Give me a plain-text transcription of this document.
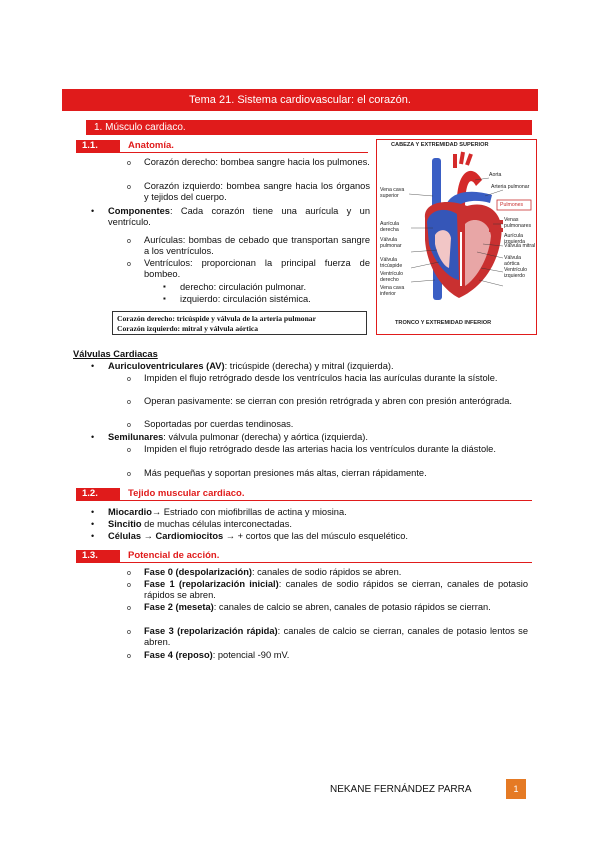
Tema 21. Sistema cardiovascular: el corazón.
1. Músculo cardiaco.
1.1.	Anatomía.
o Corazón derecho: bombea sangre hacia los pulmones.
o Corazón izquierdo: bombea sangre hacia los órganos y tejidos del cuerpo.
• Componentes: Cada corazón tiene una aurícula y un ventrículo.
o Aurículas: bombas de cebado que transportan sangre a los ventrículos.
o Ventrículos: proporcionan la principal fuerza de bombeo.
▪ derecho: circulación pulmonar.
▪ izquierdo: circulación sistémica.
Corazón derecho: tricúspide y válvula de la arteria pulmonar
Corazón izquierdo: mitral y válvula aórtica
CABEZA Y EXTREMIDAD SUPERIOR
Aorta
Arteria pulmonar
Pulmones
Vena cava superior
Aurícula derecha
Válvula pulmonar
Válvula tricúspide
Ventrículo derecho
Vena cava inferior
Venas pulmonares
Aurícula izquierda
Válvula mitral
Válvula aórtica
Ventrículo izquierdo
TRONCO Y EXTREMIDAD INFERIOR
Válvulas Cardiacas
• Auriculoventriculares (AV): tricúspide (derecha) y mitral (izquierda).
o Impiden el flujo retrógrado desde los ventrículos hacia las aurículas durante la sístole.
o Operan pasivamente: se cierran con presión retrógrada y abren con presión anterógrada.
o Soportadas por cuerdas tendinosas.
• Semilunares: válvula pulmonar (derecha) y aórtica (izquierda).
o Impiden el flujo retrógrado desde las arterias hacia los ventrículos durante la diástole.
o Más pequeñas y soportan presiones más altas, cierran rápidamente.
1.2.	Tejido muscular cardiaco.
• Miocardio→ Estriado con miofibrillas de actina y miosina.
• Sincitio de muchas células interconectadas.
• Células → Cardiomiocitos → + cortos que las del músculo esquelético.
1.3.	Potencial de acción.
o Fase 0 (despolarización): canales de sodio rápidos se abren.
o Fase 1 (repolarización inicial): canales de sodio rápidos se cierran, canales de potasio rápidos se abren.
o Fase 2 (meseta): canales de calcio se abren, canales de potasio rápidos se cierran.
o Fase 3 (repolarización rápida): canales de calcio se cierran, canales de potasio lentos se abren.
o Fase 4 (reposo): potencial -90 mV.
NEKANE FERNÁNDEZ PARRA	1
